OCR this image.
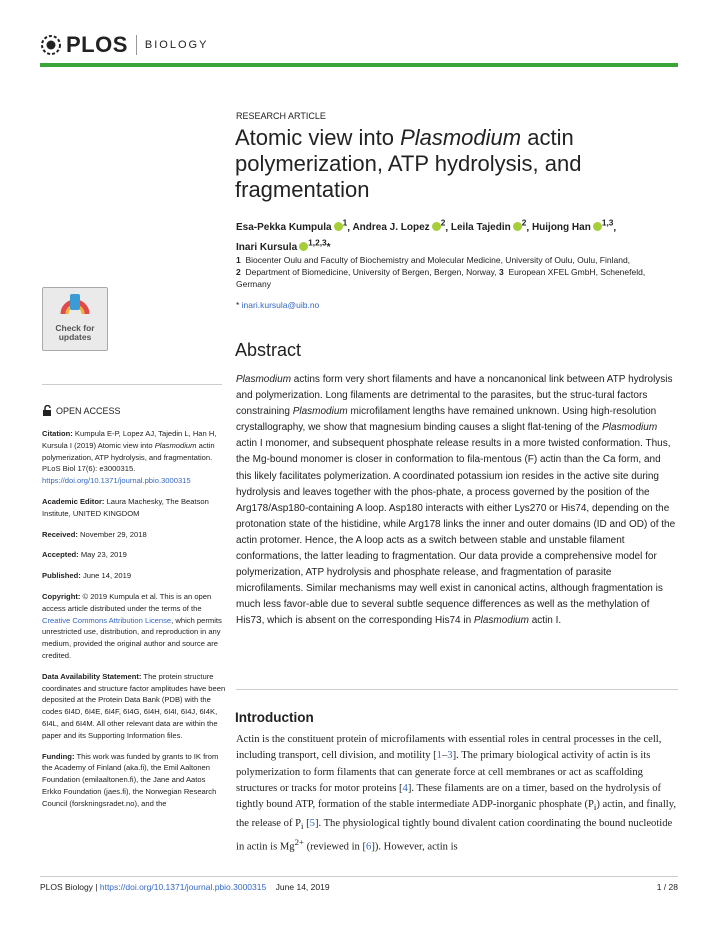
PLOS BIOLOGY
Check for
updates
OPEN ACCESS

Citation: Kumpula E-P, Lopez AJ, Tajedin L, Han H, Kursula I (2019) Atomic view into Plasmodium actin polymerization, ATP hydrolysis, and fragmentation. PLoS Biol 17(6): e3000315. https://doi.org/10.1371/journal.pbio.3000315

Academic Editor: Laura Machesky, The Beatson Institute, UNITED KINGDOM

Received: November 29, 2018

Accepted: May 23, 2019

Published: June 14, 2019

Copyright: © 2019 Kumpula et al. This is an open access article distributed under the terms of the Creative Commons Attribution License, which permits unrestricted use, distribution, and reproduction in any medium, provided the original author and source are credited.

Data Availability Statement: The protein structure coordinates and structure factor amplitudes have been deposited at the Protein Data Bank (PDB) with the codes 6I4D, 6I4E, 6I4F, 6I4G, 6I4H, 6I4I, 6I4J, 6I4K, 6I4L, and 6I4M. All other relevant data are within the paper and its Supporting Information files.

Funding: This work was funded by grants to IK from the Academy of Finland (aka.fi), the Emil Aaltonen Foundation (emilaaltonen.fi), the Jane and Aatos Erkko Foundation (jaes.fi), the Norwegian Research Council (forskningsradet.no), and the

RESEARCH ARTICLE
Atomic view into Plasmodium actin polymerization, ATP hydrolysis, and fragmentation
Esa-Pekka Kumpula $^1$, Andrea J. Lopez $^2$, Leila Tajedin $^2$, Huijong Han $^{1,3}$,
Inari Kursula $^{1,2,3}$*
1 Biocenter Oulu and Faculty of Biochemistry and Molecular Medicine, University of Oulu, Oulu, Finland,
2 Department of Biomedicine, University of Bergen, Bergen, Norway, 3 European XFEL GmbH, Schenefeld, Germany
* inari.kursula@uib.no
Abstract
Plasmodium actins form very short filaments and have a noncanonical link between ATP hydrolysis and polymerization. Long filaments are detrimental to the parasites, but the struc-tural factors constraining Plasmodium microfilament lengths have remained unknown. Using high-resolution crystallography, we show that magnesium binding causes a slight flat-tening of the Plasmodium actin I monomer, and subsequent phosphate release results in a more twisted conformation. Thus, the Mg-bound monomer is closer in conformation to fila-mentous (F) actin than the Ca form, and this likely facilitates polymerization. A coordinated potassium ion resides in the active site during hydrolysis and leaves together with the phos-phate, a process governed by the position of the Arg178/Asp180-containing A loop. Asp180 interacts with either Lys270 or His74, depending on the protonation state of the histidine, while Arg178 links the inner and outer domains (ID and OD) of the actin protomer. Hence, the A loop acts as a switch between stable and unstable filament conformations, the latter leading to fragmentation. Our data provide a comprehensive model for polymerization, ATP hydrolysis and phosphate release, and fragmentation of parasite microfilaments. Similar mechanisms may well exist in canonical actins, although fragmentation is much less favor-able due to several subtle sequence differences as well as the methylation of His73, which is absent on the corresponding His74 in Plasmodium actin I.
Introduction
Actin is the constituent protein of microfilaments with essential roles in central processes in the cell, including transport, cell division, and motility [1–3]. The primary biological activity of actin is its polymerization to form filaments that can generate force at cell membranes or act as scaffolding structures or tracks for motor proteins [4]. These filaments are on a timer, based on the hydrolysis of tightly bound ATP, formation of the stable intermediate ADP-inorganic phosphate $(P_i)$ actin, and finally, the release of $P_i$ [5]. The physiological tightly bound divalent cation coordinating the bound nucleotide in actin is $Mg^{2+}$ (reviewed in [6]). However, actin is
PLOS Biology | https://doi.org/10.1371/journal.pbio.3000315 June 14, 2019	1 / 28
